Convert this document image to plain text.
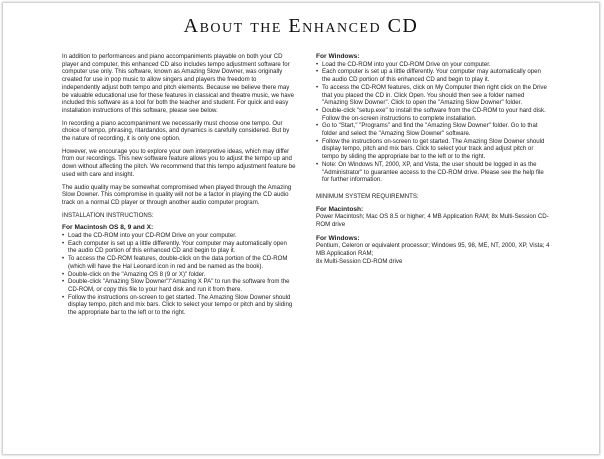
About the Enhanced CD

In addition to performances and piano accompaniments playable on both your CD player and computer, this enhanced CD also includes tempo adjustment software for computer use only. This software, known as Amazing Slow Downer, was originally created for use in pop music to allow singers and players the freedom to independently adjust both tempo and pitch elements. Because we believe there may be valuable educational use for these features in classical and theatre music, we have included this software as a tool for both the teacher and student. For quick and easy installation instructions of this software, please see below.

In recording a piano accompaniment we necessarily must choose one tempo. Our choice of tempo, phrasing, ritardandos, and dynamics is carefully considered. But by the nature of recording, it is only one option.

However, we encourage you to explore your own interpretive ideas, which may differ from our recordings. This new software feature allows you to adjust the tempo up and down without affecting the pitch. We recommend that this tempo adjustment feature be used with care and insight.

The audio quality may be somewhat compromised when played through the Amazing Slow Downer. This compromise in quality will not be a factor in playing the CD audio track on a normal CD player or through another audio computer program.

INSTALLATION INSTRUCTIONS:

For Macintosh OS 8, 9 and X:
• Load the CD-ROM into your CD-ROM Drive on your computer.
• Each computer is set up a little differently. Your computer may automatically open the audio CD portion of this enhanced CD and begin to play it.
• To access the CD-ROM features, double-click on the data portion of the CD-ROM (which will have the Hal Leonard icon in red and be named as the book).
• Double-click on the "Amazing OS 8 (9 or X)" folder.
• Double-click "Amazing Slow Downer"/"Amazing X PA" to run the software from the CD-ROM, or copy this file to your hard disk and run it from there.
• Follow the instructions on-screen to get started. The Amazing Slow Downer should display tempo, pitch and mix bars. Click to select your tempo or pitch and by sliding the appropriate bar to the left or to the right.
For Windows:
• Load the CD-ROM into your CD-ROM Drive on your computer.
• Each computer is set up a little differently. Your computer may automatically open the audio CD portion of this enhanced CD and begin to play it.
• To access the CD-ROM features, click on My Computer then right click on the Drive that you placed the CD in. Click Open. You should then see a folder named "Amazing Slow Downer". Click to open the "Amazing Slow Downer" folder.
• Double-click "setup.exe" to install the software from the CD-ROM to your hard disk. Follow the on-screen instructions to complete installation.
• Go to "Start," "Programs" and find the "Amazing Slow Downer" folder. Go to that folder and select the "Amazing Slow Downer" software.
• Follow the instructions on-screen to get started. The Amazing Slow Downer should display tempo, pitch and mix bars. Click to select your track and adjust pitch or tempo by sliding the appropriate bar to the left or to the right.
• Note: On Windows NT, 2000, XP, and Vista, the user should be logged in as the "Administrator" to guarantee access to the CD-ROM drive. Please see the help file for further information.

MINIMUM SYSTEM REQUIREMNTS:

For Macintosh:

Power Macintosh; Mac OS 8.5 or higher; 4 MB Application RAM; 8x Multi-Session CD-ROM drive

For Windows:

Pentium, Celeron or equivalent processor; Windows 95, 98, ME, NT, 2000, XP, Vista; 4 MB Application RAM;
8x Multi-Session CD-ROM drive
